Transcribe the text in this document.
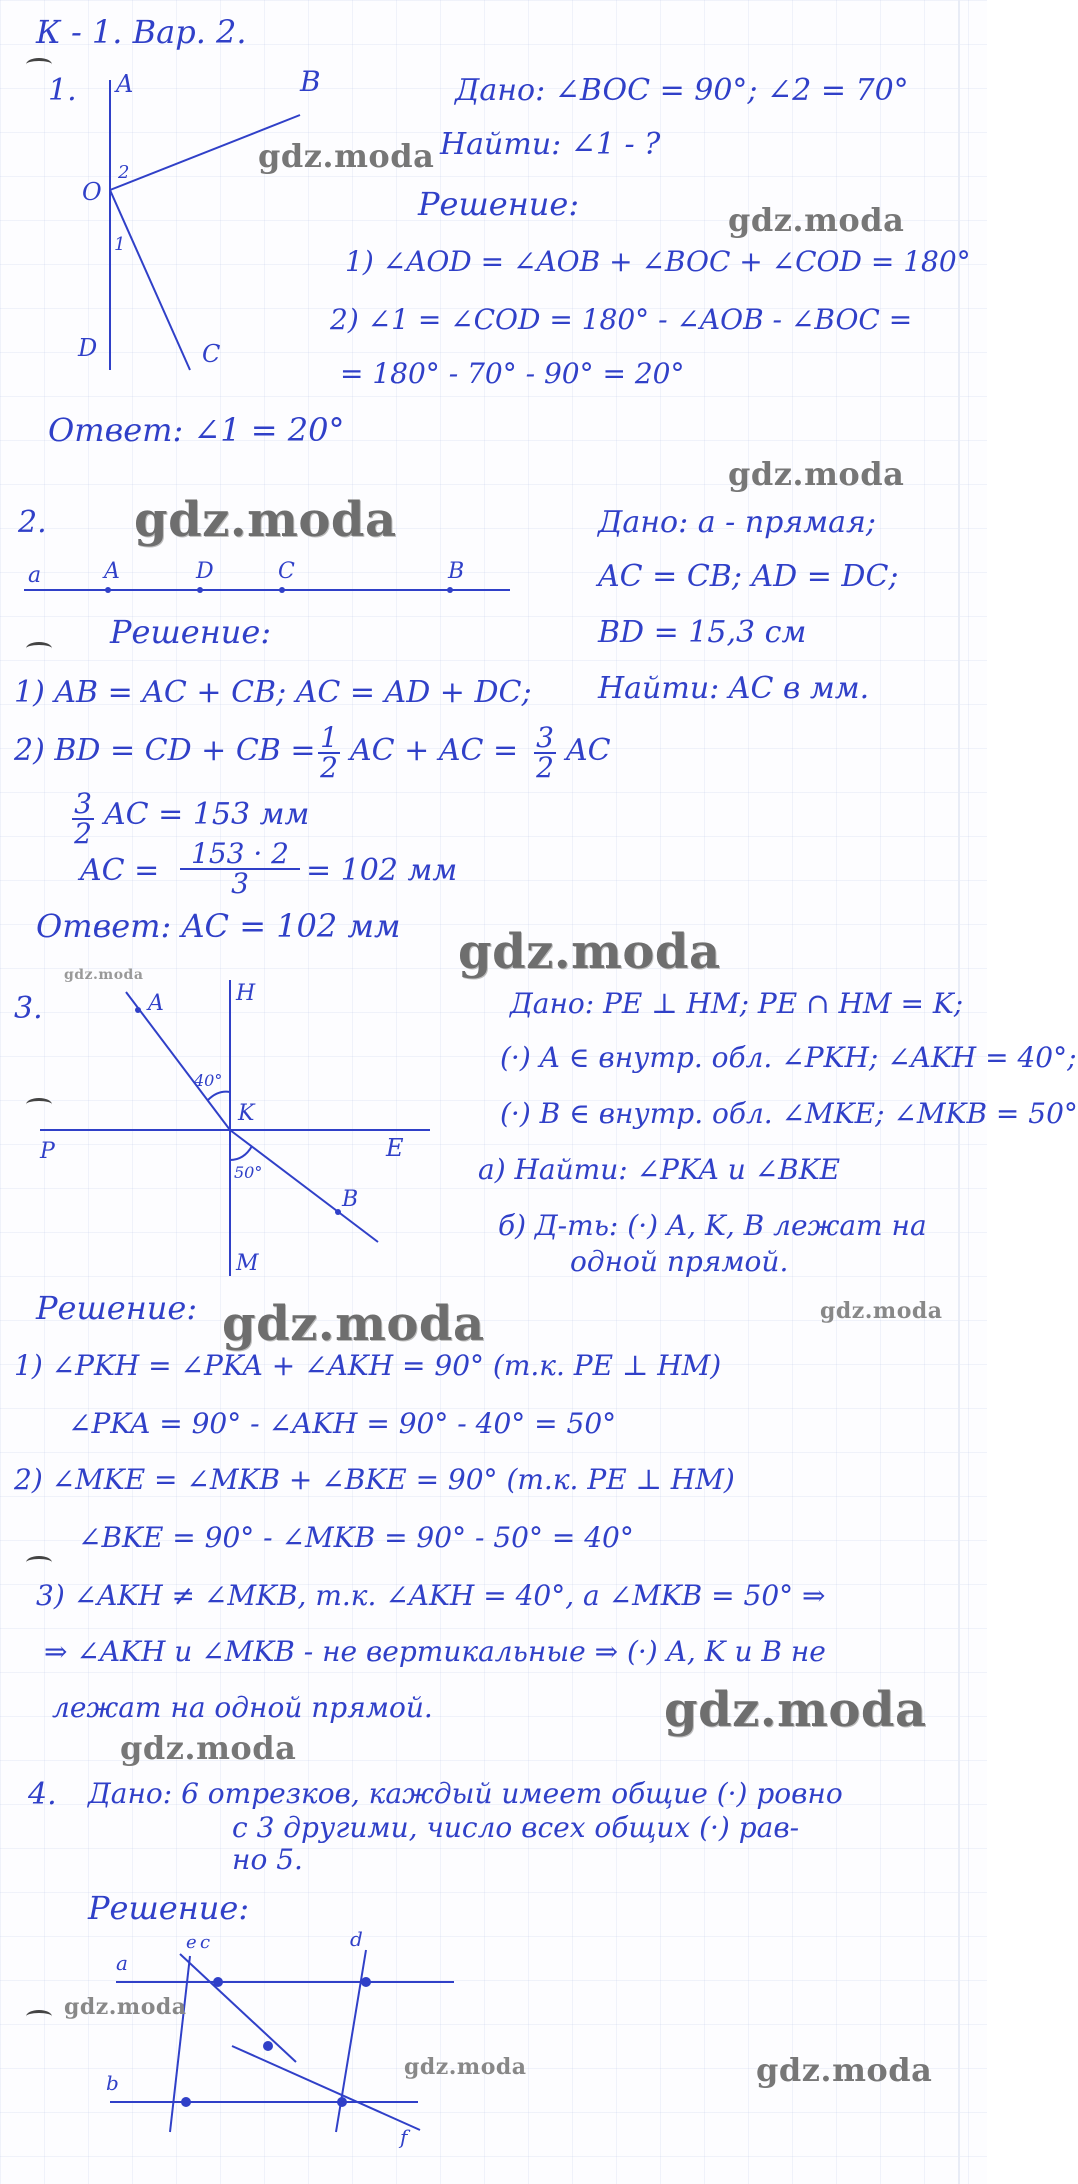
К - 1. Вар. 2.
1. A
O
D	C
2
1
B	Дано: ∠BOC = 90°; ∠2 = 70°
Найти: ∠1 - ?
Решение:
1) ∠AOD = ∠AOB + ∠BOC + ∠COD = 180°
2) ∠1 = ∠COD = 180° - ∠AOB - ∠BOC =
= 180° - 70° - 90° = 20°
Ответ: ∠1 = 20°
2.
a	A	D	C	B
Дано: a - прямая;
AC = CB; AD = DC;
BD = 15,3 см
Найти: AC в мм.
Решение:
1) AB = AC + CB; AC = AD + DC;
2) BD = CD + CB = $\frac{1}{2}$ AC + AC = $\frac{3}{2}$ AC
$\frac{3}{2}$ AC = 153 мм
AC = $\frac{153 \cdot 2}{3} = 102$ мм
Ответ: AC = 102 мм
3.	A	H
K
P	E
B
M
40°
50°
Дано: PE ⊥ HM; PE ∩ HM = K;
(·) A ∈ внутр. обл. ∠PKH; ∠AKH = 40°;
(·) B ∈ внутр. обл. ∠MKE; ∠MKB = 50°
a) Найти: ∠PKA и ∠BKE
б) Д-ть: (·) A, K, B лежат на
одной прямой.
Решение:
1) ∠PKH = ∠PKA + ∠AKH = 90° (т.к. PE ⊥ HM)
∠PKA = 90° - ∠AKH = 90° - 40° = 50°
2) ∠MKE = ∠MKB + ∠BKE = 90° (т.к. PE ⊥ HM)
∠BKE = 90° - ∠MKB = 90° - 50° = 40°
3) ∠AKH ≠ ∠MKB, т.к. ∠AKH = 40°, а ∠MKB = 50° ⇒
⇒ ∠AKH и ∠MKB - не вертикальные ⇒ (·) A, K и B не
лежат на одной прямой.
4. Дано: 6 отрезков, каждый имеет общие (·) ровно
с 3 другими, число всех общих (·) рав-
но 5.
Решение:
a
e c	d
b
f
gdz.moda
gdz.moda
gdz.moda
gdz.moda
gdz.moda
gdz.moda
gdz.moda
gdz.moda
gdz.moda
gdz.moda
gdz.moda
gdz.moda	gdz.moda
